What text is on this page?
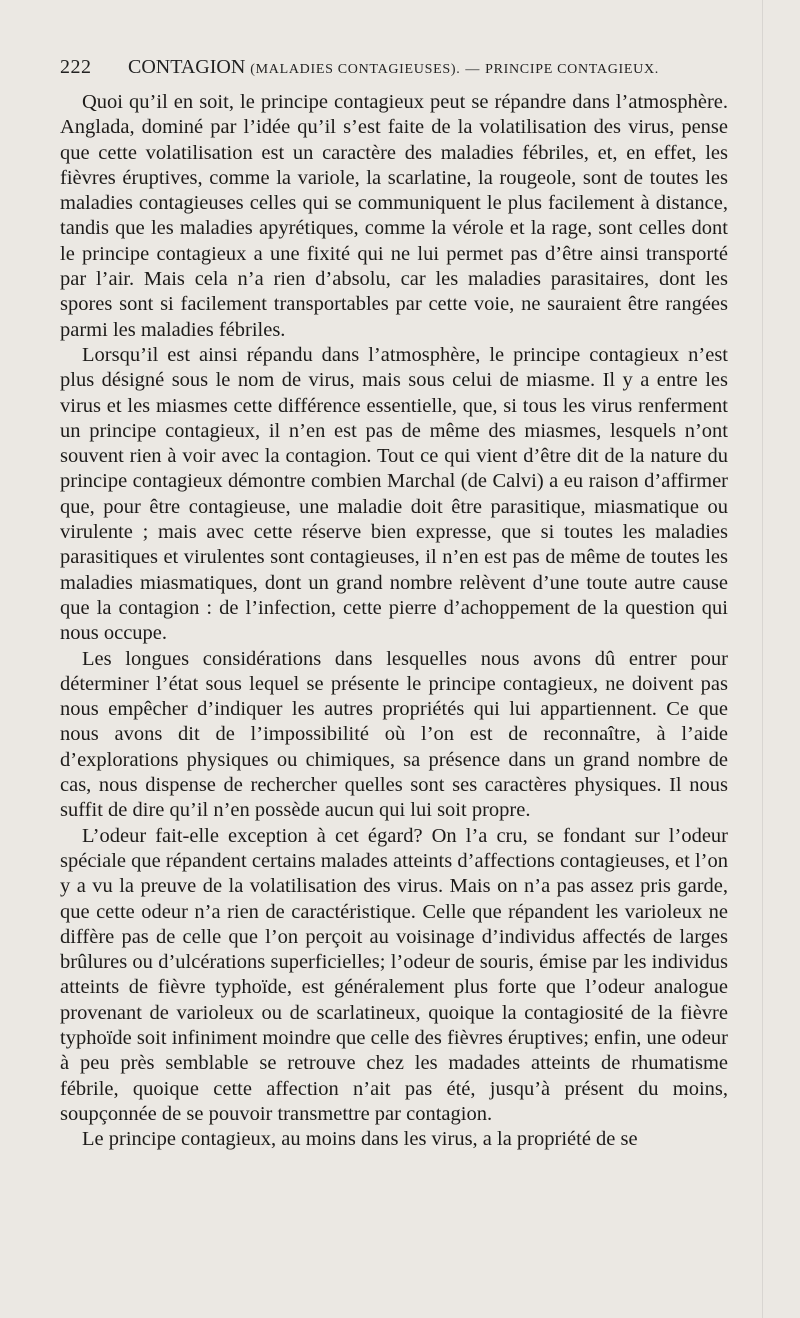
222 CONTAGION (MALADIES CONTAGIEUSES). — PRINCIPE CONTAGIEUX.

Quoi qu’il en soit, le principe contagieux peut se répandre dans l’atmosphère. Anglada, dominé par l’idée qu’il s’est faite de la volatilisation des virus, pense que cette volatilisation est un caractère des maladies fébriles, et, en effet, les fièvres éruptives, comme la variole, la scarlatine, la rougeole, sont de toutes les maladies contagieuses celles qui se communiquent le plus facilement à distance, tandis que les maladies apyrétiques, comme la vérole et la rage, sont celles dont le principe contagieux a une fixité qui ne lui permet pas d’être ainsi transporté par l’air. Mais cela n’a rien d’absolu, car les maladies parasitaires, dont les spores sont si facilement transportables par cette voie, ne sauraient être rangées parmi les maladies fébriles.

Lorsqu’il est ainsi répandu dans l’atmosphère, le principe contagieux n’est plus désigné sous le nom de virus, mais sous celui de miasme. Il y a entre les virus et les miasmes cette différence essentielle, que, si tous les virus renferment un principe contagieux, il n’en est pas de même des miasmes, lesquels n’ont souvent rien à voir avec la contagion. Tout ce qui vient d’être dit de la nature du principe contagieux démontre combien Marchal (de Calvi) a eu raison d’affirmer que, pour être contagieuse, une maladie doit être parasitique, miasmatique ou virulente ; mais avec cette réserve bien expresse, que si toutes les maladies parasitiques et virulentes sont contagieuses, il n’en est pas de même de toutes les maladies miasmatiques, dont un grand nombre relèvent d’une toute autre cause que la contagion : de l’infection, cette pierre d’achoppement de la question qui nous occupe.

Les longues considérations dans lesquelles nous avons dû entrer pour déterminer l’état sous lequel se présente le principe contagieux, ne doivent pas nous empêcher d’indiquer les autres propriétés qui lui appartiennent. Ce que nous avons dit de l’impossibilité où l’on est de reconnaître, à l’aide d’explorations physiques ou chimiques, sa présence dans un grand nombre de cas, nous dispense de rechercher quelles sont ses caractères physiques. Il nous suffit de dire qu’il n’en possède aucun qui lui soit propre.

L’odeur fait-elle exception à cet égard? On l’a cru, se fondant sur l’odeur spéciale que répandent certains malades atteints d’affections contagieuses, et l’on y a vu la preuve de la volatilisation des virus. Mais on n’a pas assez pris garde, que cette odeur n’a rien de caractéristique. Celle que répandent les varioleux ne diffère pas de celle que l’on perçoit au voisinage d’individus affectés de larges brûlures ou d’ulcérations superficielles; l’odeur de souris, émise par les individus atteints de fièvre typhoïde, est généralement plus forte que l’odeur analogue provenant de varioleux ou de scarlatineux, quoique la contagiosité de la fièvre typhoïde soit infiniment moindre que celle des fièvres éruptives; enfin, une odeur à peu près semblable se retrouve chez les madades atteints de rhumatisme fébrile, quoique cette affection n’ait pas été, jusqu’à présent du moins, soupçonnée de se pouvoir transmettre par contagion.

Le principe contagieux, au moins dans les virus, a la propriété de se
